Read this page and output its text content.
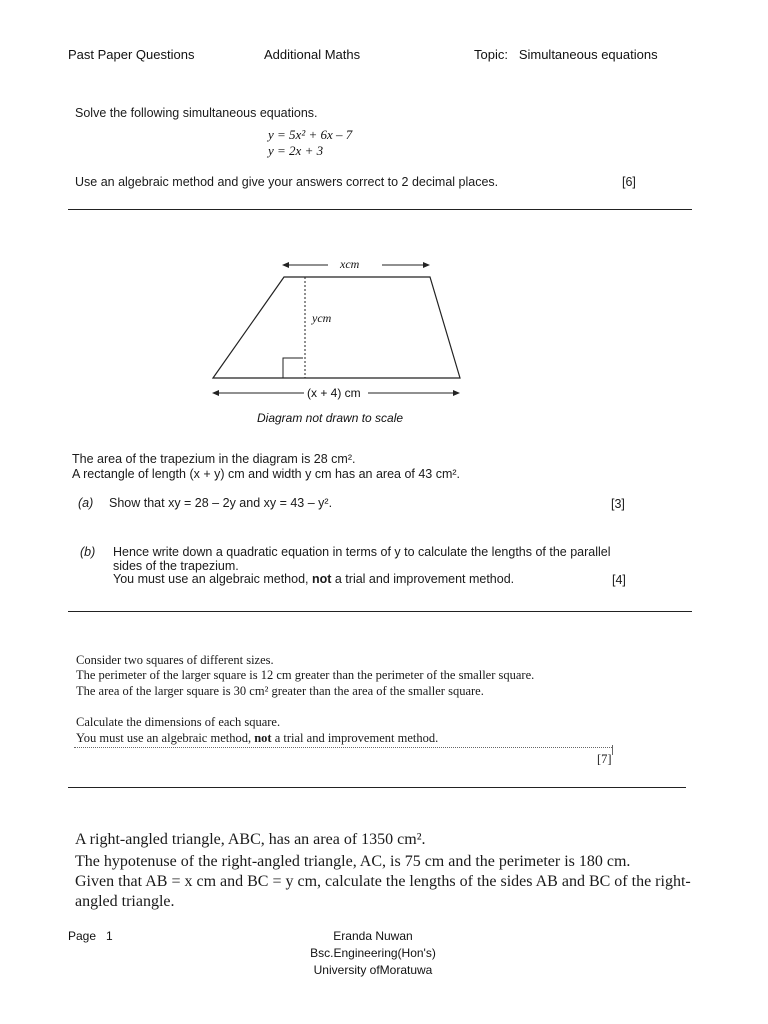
Past Paper Questions	Additional Maths	Topic: Simultaneous equations
Solve the following simultaneous equations.
y = 5x² + 6x – 7
y = 2x + 3
Use an algebraic method and give your answers correct to 2 decimal places.	[6]
xcm
ycm
(x + 4) cm
Diagram not drawn to scale
The area of the trapezium in the diagram is 28 cm².
A rectangle of length (x + y) cm and width y cm has an area of 43 cm².
(a) Show that xy = 28 – 2y and xy = 43 – y².	[3]
(b) Hence write down a quadratic equation in terms of y to calculate the lengths of the parallel
sides of the trapezium.
You must use an algebraic method, not a trial and improvement method.	[4]
Consider two squares of different sizes.
The perimeter of the larger square is 12 cm greater than the perimeter of the smaller square.
The area of the larger square is 30 cm² greater than the area of the smaller square.
Calculate the dimensions of each square.
You must use an algebraic method, not a trial and improvement method.
[7]
A right-angled triangle, ABC, has an area of 1350 cm².
The hypotenuse of the right-angled triangle, AC, is 75 cm and the perimeter is 180 cm.
Given that AB = x cm and BC = y cm, calculate the lengths of the sides AB and BC of the right-
angled triangle.
Page 1	Eranda Nuwan
Bsc.Engineering(Hon's)
University ofMoratuwa
